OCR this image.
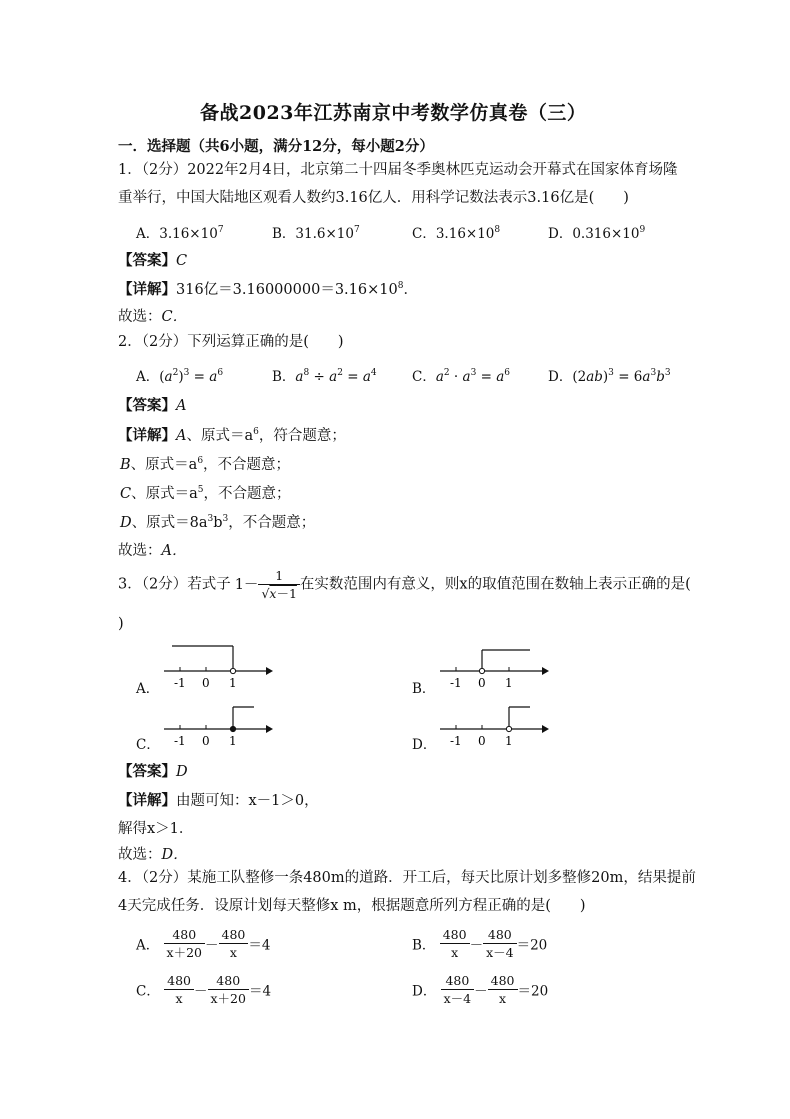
备战2023年江苏南京中考数学仿真卷（三）
一．选择题（共6小题，满分12分，每小题2分）
1．（2分）2022年2月4日，北京第二十四届冬季奥林匹克运动会开幕式在国家体育场隆
重举行，中国大陆地区观看人数约3.16亿人．用科学记数法表示3.16亿是(　　)
A．$3.16\times 10^7$	B．$31.6\times 10^7$	C．$3.16\times 10^8$	D．$0.316\times 10^9$
【答案】C
【详解】316亿$=3.16000000=3.16\times 10^8$．
故选：C．
2．（2分）下列运算正确的是(　　)
A．$(a^2)^3 = a^6$	B．$a^8 \div a^2 = a^4$	C．$a^2 \cdot a^3 = a^6$	D．$(2ab)^3 = 6a^3b^3$
【答案】A
【详解】A、原式$=a^6$，符合题意；
B、原式$=a^6$，不合题意；
C、原式$=a^5$，不合题意；
D、原式$=8a^3b^3$，不合题意；
故选：A．
3．（2分）若式子 $1- \frac{1}{√x-1}$ 在实数范围内有意义，则x的取值范围在数轴上表示正确的是(
)
A． -1 0 1	B． -1 0 1
C． -1 0 1	D． -1 0 1
【答案】D
【详解】由题可知：x－1＞0，
解得x＞1．
故选：D．
4．（2分）某施工队整修一条480m的道路．开工后，每天比原计划多整修20m，结果提前
4天完成任务．设原计划每天整修x m，根据题意所列方程正确的是(　　)
A． $\frac{480}{x+20} - \frac{480}{x} =4$	B． $\frac{480}{x} - \frac{480}{x-4} =20$
C． $\frac{480}{x} - \frac{480}{x+20} =4$	D． $\frac{480}{x-4} - \frac{480}{x} =20$
